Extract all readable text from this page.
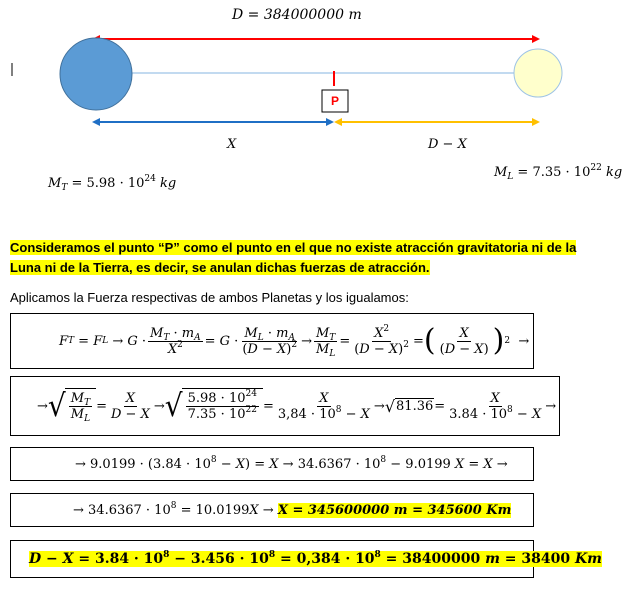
D = 384000000 m
P
X	D − X
$M_T = 5.98 \cdot 10^{24}$ kg
$M_L = 7.35 \cdot 10^{22}$ kg
Consideramos el punto “P” como el punto en el que no existe atracción gravitatoria ni de la Luna ni de la Tierra, es decir, se anulan dichas fuerzas de atracción.
Aplicamos la Fuerza respectivas de ambos Planetas y los igualamos:
F T = F $L \to G \cdot \frac{M_T \cdot m_A}{X^2} = G \cdot \frac{M_L \cdot m_A}{(D - X)^2} \to \frac{M_T}{M_L} = \frac{X^2}{(D - X)^2}$ = ( $\frac{X}{(D - X)}$ ) 2 →
→ √ $\frac{M_T}{M_L} = \frac{X}{D - X}$ → √ $\frac{5.98 \cdot 10^{24}}{7.35 \cdot 10^{22}} = \frac{X}{3,84 \cdot 10^8 - X}$ → √ $81.36 = \frac{X}{3.84 \cdot 10^8 - X}$ →
→ $9.0199 \cdot (3.84 \cdot 10^8 - X) = X \to 34.6367 \cdot 10^8 - 9.0199$ X = X →
→ $34.6367 \cdot 10^8 = 10.0199X \to X = 345600000$ m = 345600 Km
$D - X = 3.84 \cdot 10^8 - 3.456 \cdot 10^8 = 0,384 \cdot 10^8 = 38400000$ m = 38400 Km
